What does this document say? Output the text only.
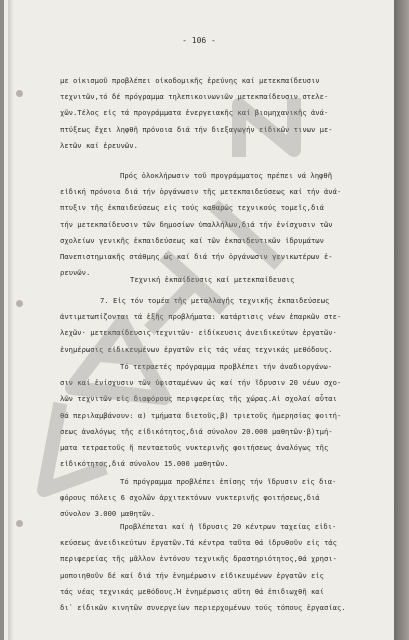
- 106 -
με οἰκισμοῦ προβλέπει οἰκοδομικῆς ἐρεύνης καί μετεκπαίδευσιν
τεχνιτῶν,τό δέ πρόγραμμα τηλεπικοινωνιῶν μετεκπαίδευσιν στελε-
χῶν.Τέλος εἰς τά προγράμματα ἐνεργειακῆς καί βιομηχανικῆς ἀνά-
πτύξεως ἔχει ληφθῆ πρόνοια διά τήν διεξαγωγήν εἰδικῶν τινων με-
λετῶν καί ἐρευνῶν.
Πρός ὁλοκλήρωσιν τοῦ προγράμματος πρέπει νά ληφθῆ
εἰδική πρόνοια διά τήν ὀργάνωσιν τῆς μετεκπαιδεύσεως καί τήν ἀνά-
πτυξιν τῆς ἐκπαιδεύσεως εἰς τούς καθαρῶς τεχνικούς τομεῖς,διά
τήν μετεκπαίδευσιν τῶν δημοσίων ὑπαλλήλων,διά τήν ἐνίσχυσιν τῶν
σχολείων γενικῆς ἐκπαιδεύσεως καί τῶν ἐκπαιδευτικῶν ἱδρυμάτων
Πανεπιστημιακῆς στάθμης ὡς καί διά τήν ὀργάνωσιν γενικωτέρων ἐ-
ρευνῶν.
Τεχνική ἐκπαίδευσις καί μετεκπαίδευσις
7. Εἰς τόν τομέα τῆς μεταλλαγῆς τεχνικῆς ἐκπαιδεύσεως
ἀντιμετωπίζονται τά ἑξῆς προβλήματα: κατάρτισις νέων ἐπαρκῶν στε-
λεχῶν· μετεκπαίδευσις τεχνιτῶν· εἰδίκευσις ἀνειδικεύτων ἐργατῶν·
ἐνημέρωσις εἰδικευμένων ἐργατῶν εἰς τάς νέας τεχνικάς μεθόδους.
Τό τετραετές πρόγραμμα προβλέπει τήν ἀναδιοργάνω-
σιν καί ἐνίσχυσιν τῶν ὑφισταμένων ὡς καί τήν ἵδρυσιν 20 νέων σχο-
λῶν τεχνιτῶν εἰς διαφόρους περιφερείας τῆς χώρας.Αἱ σχολαί αὗται
θά περιλαμβάνουν: α) τμήματα διετοῦς,β) τριετοῦς ἡμερησίας φοιτή-
σεως ἀναλόγως τῆς εἰδικότητος,διά σύνολον 20.000 μαθητῶν·β)τμή-
ματα τετραετοῦς ἤ πενταετοῦς νυκτερινῆς φοιτήσεως ἀναλόγως τῆς
εἰδικότητος,διά σύνολον 15.000 μαθητῶν.
Τό πρόγραμμα προβλέπει ἐπίσης τήν ἵδρυσιν εἰς δια-
φόρους πόλεις 6 σχολῶν ἀρχιτεκτόνων νυκτερινῆς φοιτήσεως,διά
σύνολον 3.000 μαθητῶν.
Προβλέπεται καί ἡ ἵδρυσις 20 κέντρων ταχείας εἰδι-
κεύσεως ἀνειδικεύτων ἐργατῶν.Τά κέντρα ταῦτα θά ἱδρυθοῦν εἰς τάς
περιφερείας τῆς μᾶλλον ἐντόνου τεχνικῆς δραστηριότητος,θά χρησι-
μοποιηθοῦν δέ καί διά τήν ἐνημέρωσιν εἰδικευμένων ἐργατῶν εἰς
τάς νέας τεχνικάς μεθόδους.Ἡ ἐνημέρωσις αὕτη θά ἐπιδιωχθῆ καί
δι᾿ εἰδικῶν κινητῶν συνεργείων περιερχομένων τούς τόπους ἐργασίας.
